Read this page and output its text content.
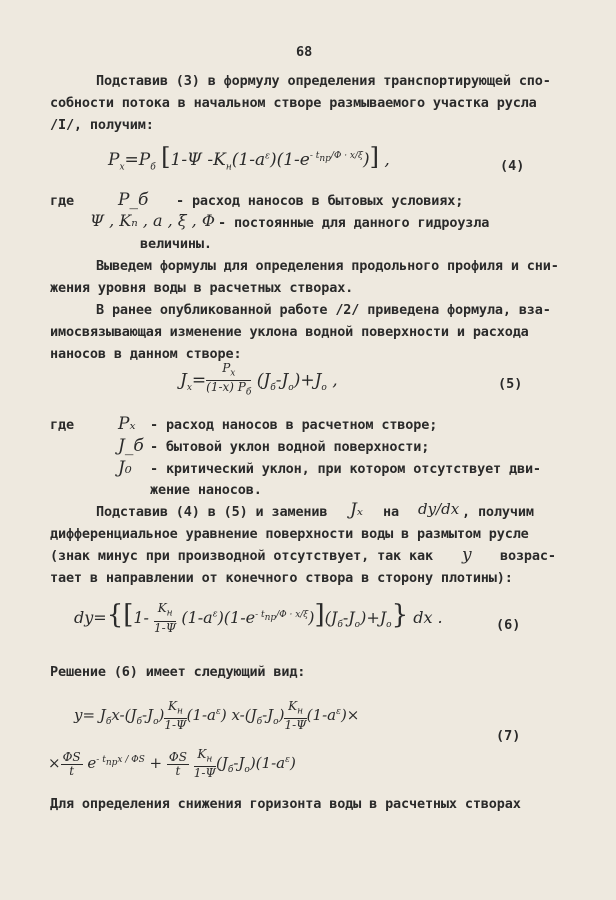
68
Подставив (3) в формулу определения транспортирующей спо-
собности потока в начальном створе размываемого участка русла
/I/, получим:
$P_x=P_б$ [1-Ψ $-K_н(1-a^\varepsilon)(1-e^{- t_{пр}/\Phi \cdot x/\xi})$] ,	(4)
где	P_б - расход наносов в бытовых условиях;
Ψ , Kₙ , a , ξ , Φ - постоянные для данного гидроузла
величины.
Выведем формулы для определения продольного профиля и сни-
жения уровня воды в расчетных створах.
В ранее опубликованной работе /2/ приведена формула, вза-
имосвязывающая изменение уклона водной поверхности и расхода
наносов в данном створе:
$J_x= \frac{P_x}{(1-x) P_б} (J_б-J_о)+J_о$ ,	(5)
где	Pₓ - расход наносов в расчетном створе;
J_б - бытовой уклон водной поверхности;
J₀ - критический уклон, при котором отсутствует дви-
жение наносов.
Подставив (4) в (5) и заменив Jₓ на dy/dx , получим
дифференциальное уравнение поверхности воды в размытом русле
(знак минус при производной отсутствует, так как y возрас-
тает в направлении от конечного створа в сторону плотины):
$dy=\{[1- \frac{K_н}{1-\Psi} (1-a^\varepsilon)(1-e^{- t_{пр}/\Phi \cdot x/\xi})](J_б-J_о)+J_о\}$ dx .	(6)
Решение (6) имеет следующий вид:
$y= J_бx-(J_б-J_о) \frac{K_н}{1-\Psi} (1-a^\varepsilon)$ $x-(J_б-J_о) \frac{K_н}{1-\Psi} (1-a^\varepsilon)\times$
(7)
× $\frac{\Phi S}{t} e^{- t_{пр}x / \Phi S} + \frac{\Phi S}{t}$
$\frac{K_н}{1-\Psi} (J_б-J_о)(1-a^\varepsilon)$
Для определения снижения горизонта воды в расчетных створах
